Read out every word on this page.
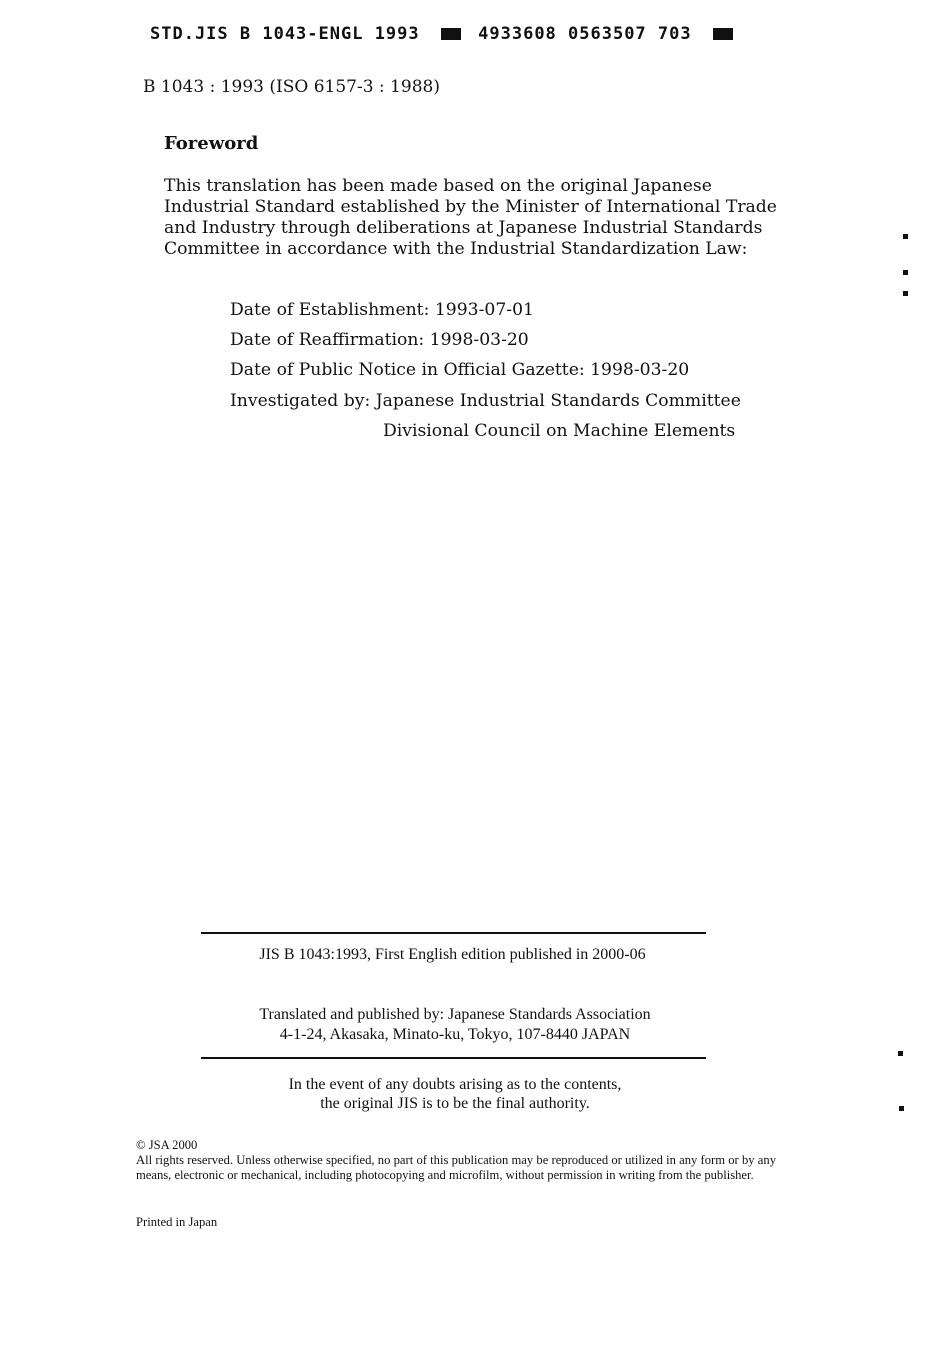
STD.JIS B 1043-ENGL 1993	4933608 0563507 703
B 1043 : 1993 (ISO 6157-3 : 1988)
Foreword
This translation has been made based on the original Japanese Industrial Standard established by the Minister of International Trade and Industry through deliberations at Japanese Industrial Standards Committee in accordance with the Industrial Standardization Law:
Date of Establishment: 1993-07-01
Date of Reaffirmation: 1998-03-20
Date of Public Notice in Official Gazette: 1998-03-20
Investigated by: Japanese Industrial Standards Committee
Divisional Council on Machine Elements
JIS B 1043:1993, First English edition published in 2000-06
Translated and published by: Japanese Standards Association
4-1-24, Akasaka, Minato-ku, Tokyo, 107-8440 JAPAN
In the event of any doubts arising as to the contents,
the original JIS is to be the final authority.
© JSA 2000
All rights reserved. Unless otherwise specified, no part of this publication may be reproduced or utilized in any form or by any means, electronic or mechanical, including photocopying and microfilm, without permission in writing from the publisher.
Printed in Japan
